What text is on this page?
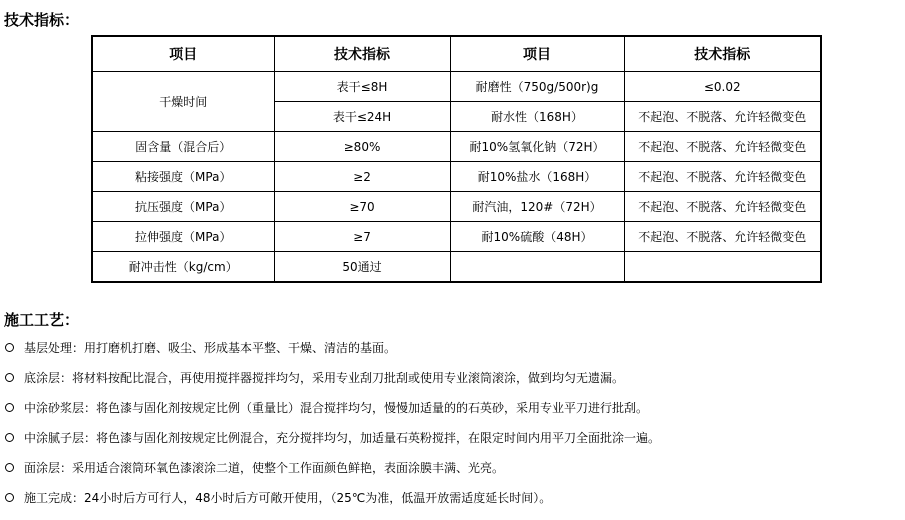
技术指标：
项目	技术指标	项目	技术指标
干燥时间	表干≤8H	耐磨性（750g/500r)g	≤0.02
	表干≤24H	耐水性（168H）	不起泡、不脱落、允许轻微变色
固含量（混合后）	≥80%	耐10%氢氧化钠（72H）	不起泡、不脱落、允许轻微变色
粘接强度（MPa）	≥2	耐10%盐水（168H）	不起泡、不脱落、允许轻微变色
抗压强度（MPa）	≥70	耐汽油，120#（72H）	不起泡、不脱落、允许轻微变色
拉伸强度（MPa）	≥7	耐10%硫酸（48H）	不起泡、不脱落、允许轻微变色
耐冲击性（kg/cm）	50通过		
施工工艺：
基层处理：用打磨机打磨、吸尘、形成基本平整、干燥、清洁的基面。
底涂层：将材料按配比混合，再使用搅拌器搅拌均匀，采用专业刮刀批刮或使用专业滚筒滚涂，做到均匀无遗漏。
中涂砂浆层：将色漆与固化剂按规定比例（重量比）混合搅拌均匀，慢慢加适量的的石英砂，采用专业平刀进行批刮。
中涂腻子层：将色漆与固化剂按规定比例混合，充分搅拌均匀，加适量石英粉搅拌，在限定时间内用平刀全面批涂一遍。
面涂层：采用适合滚筒环氧色漆滚涂二道，使整个工作面颜色鲜艳，表面涂膜丰满、光亮。
施工完成：24小时后方可行人，48小时后方可敞开使用，（25℃为准，低温开放需适度延长时间）。
